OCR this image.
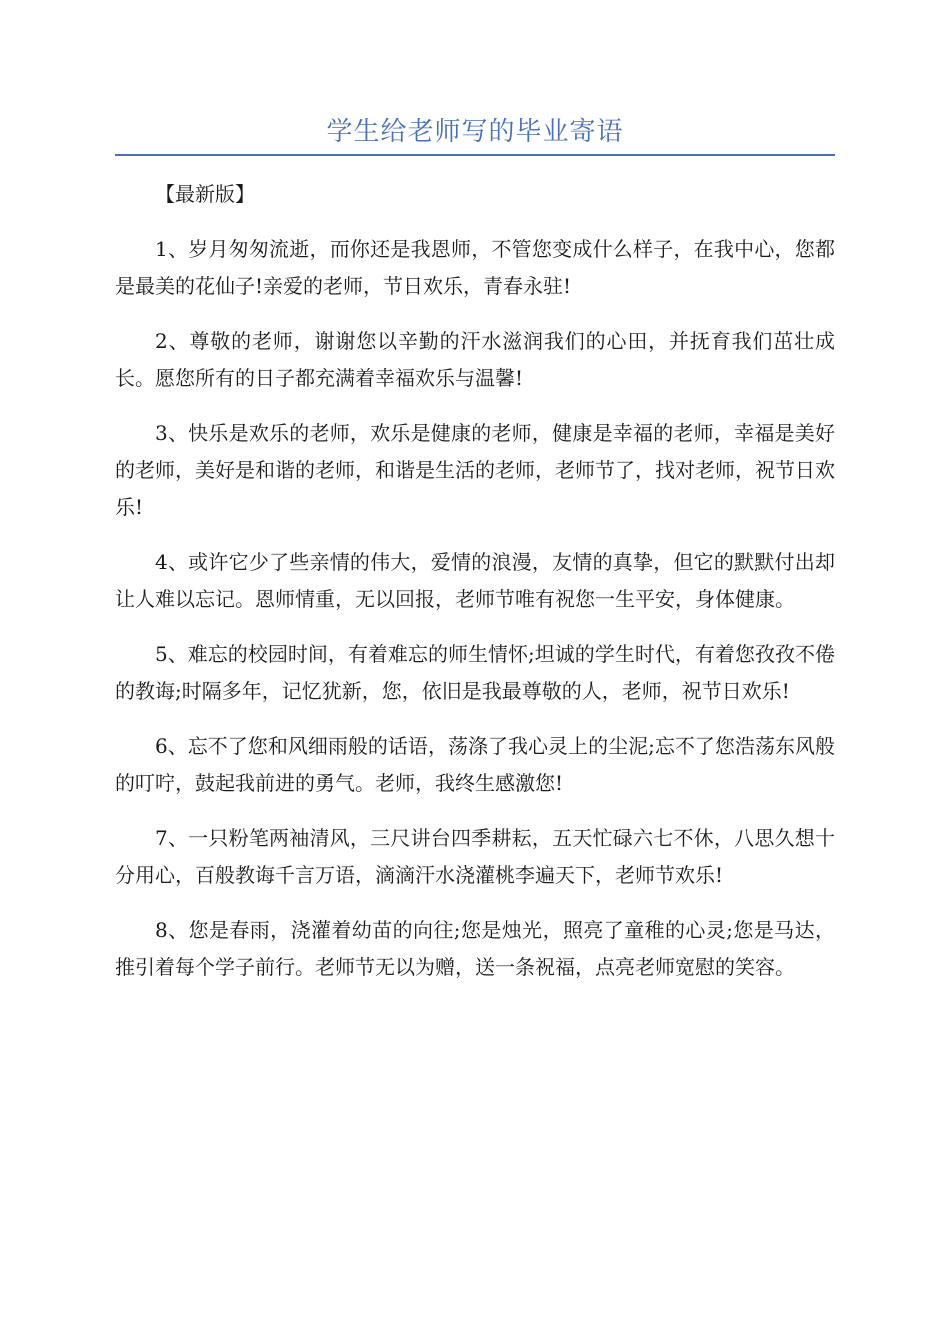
学生给老师写的毕业寄语

【最新版】

1、岁月匆匆流逝，而你还是我恩师，不管您变成什么样子，在我中心，您都是最美的花仙子!亲爱的老师，节日欢乐，青春永驻!

2、尊敬的老师，谢谢您以辛勤的汗水滋润我们的心田，并抚育我们茁壮成长。愿您所有的日子都充满着幸福欢乐与温馨!

3、快乐是欢乐的老师，欢乐是健康的老师，健康是幸福的老师，幸福是美好的老师，美好是和谐的老师，和谐是生活的老师，老师节了，找对老师，祝节日欢乐!

4、或许它少了些亲情的伟大，爱情的浪漫，友情的真挚，但它的默默付出却让人难以忘记。恩师情重，无以回报，老师节唯有祝您一生平安，身体健康。

5、难忘的校园时间，有着难忘的师生情怀;坦诚的学生时代，有着您孜孜不倦的教诲;时隔多年，记忆犹新，您，依旧是我最尊敬的人，老师，祝节日欢乐!

6、忘不了您和风细雨般的话语，荡涤了我心灵上的尘泥;忘不了您浩荡东风般的叮咛，鼓起我前进的勇气。老师，我终生感激您!

7、一只粉笔两袖清风，三尺讲台四季耕耘，五天忙碌六七不休，八思久想十分用心，百般教诲千言万语，滴滴汗水浇灌桃李遍天下，老师节欢乐!

8、您是春雨，浇灌着幼苗的向往;您是烛光，照亮了童稚的心灵;您是马达，推引着每个学子前行。老师节无以为赠，送一条祝福，点亮老师宽慰的笑容。
